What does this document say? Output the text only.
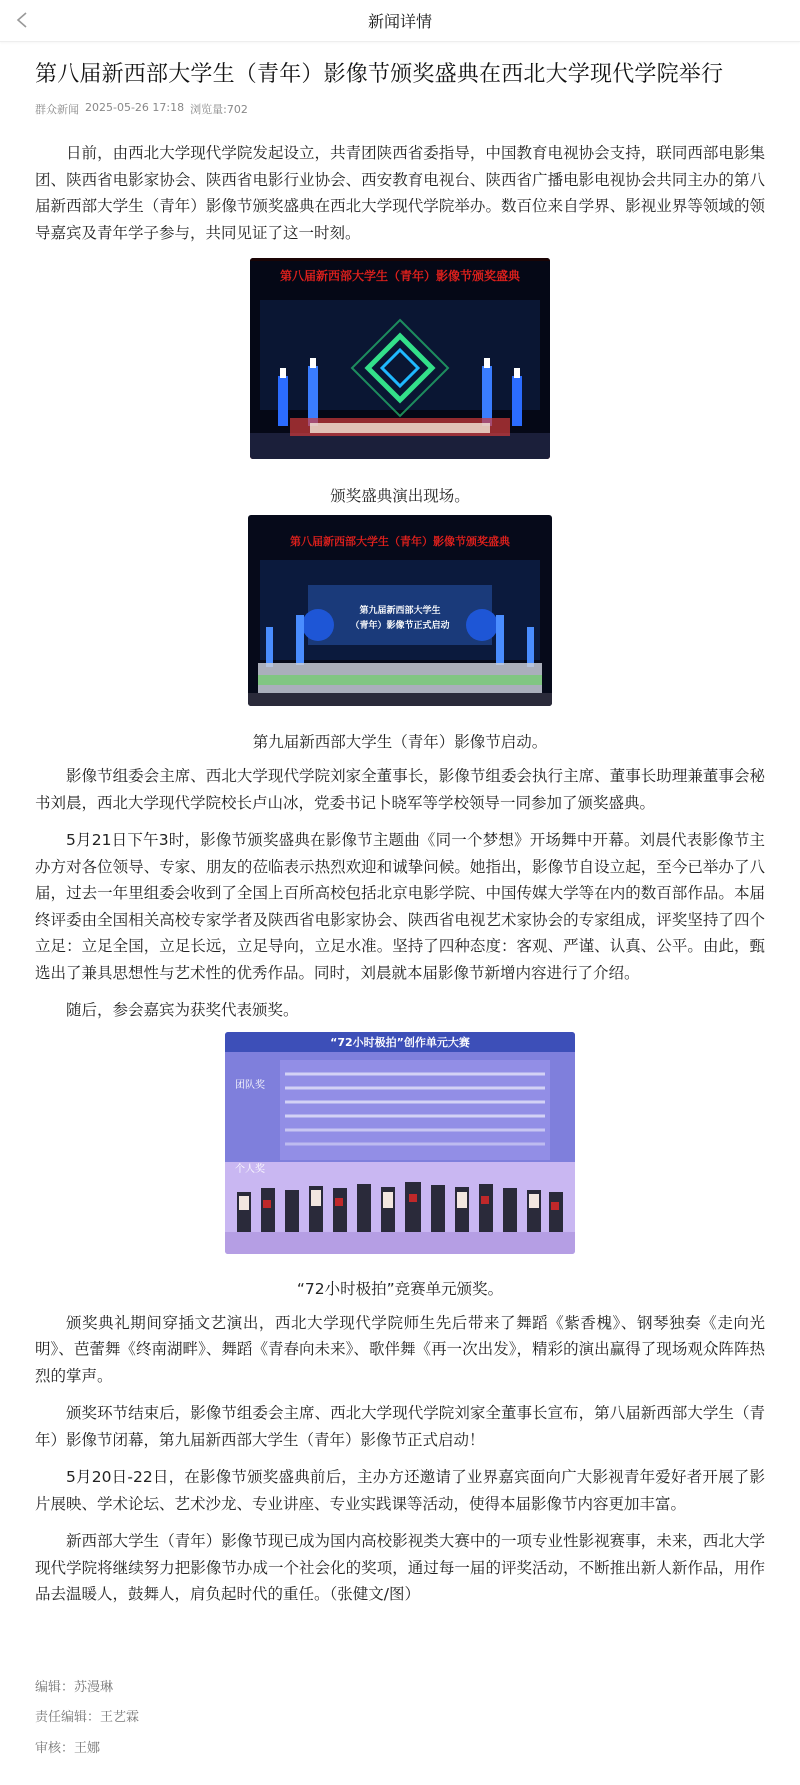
新闻详情
第八届新西部大学生（青年）影像节颁奖盛典在西北大学现代学院举行
群众新闻 2025-05-26 17:18 浏览量:702

日前，由西北大学现代学院发起设立，共青团陕西省委指导，中国教育电视协会支持，联同西部电影集团、陕西省电影家协会、陕西省电影行业协会、西安教育电视台、陕西省广播电影电视协会共同主办的第八届新西部大学生（青年）影像节颁奖盛典在西北大学现代学院举办。数百位来自学界、影视业界等领域的领导嘉宾及青年学子参与，共同见证了这一时刻。

第八届新西部大学生（青年）影像节颁奖盛典
颁奖盛典演出现场。
第九届新西部大学生
（青年）影像节正式启动
第八届新西部大学生（青年）影像节颁奖盛典
第九届新西部大学生（青年）影像节启动。

影像节组委会主席、西北大学现代学院刘家全董事长，影像节组委会执行主席、董事长助理兼董事会秘书刘晨，西北大学现代学院校长卢山冰，党委书记卜晓军等学校领导一同参加了颁奖盛典。

5月21日下午3时，影像节颁奖盛典在影像节主题曲《同一个梦想》开场舞中开幕。刘晨代表影像节主办方对各位领导、专家、朋友的莅临表示热烈欢迎和诚挚问候。她指出，影像节自设立起，至今已举办了八届，过去一年里组委会收到了全国上百所高校包括北京电影学院、中国传媒大学等在内的数百部作品。本届终评委由全国相关高校专家学者及陕西省电影家协会、陕西省电视艺术家协会的专家组成，评奖坚持了四个立足：立足全国，立足长远，立足导向，立足水准。坚持了四种态度：客观、严谨、认真、公平。由此，甄选出了兼具思想性与艺术性的优秀作品。同时，刘晨就本届影像节新增内容进行了介绍。

随后，参会嘉宾为获奖代表颁奖。

“72小时极拍”创作单元大赛
团队奖
个人奖
“72小时极拍”竞赛单元颁奖。

颁奖典礼期间穿插文艺演出，西北大学现代学院师生先后带来了舞蹈《紫香槐》、钢琴独奏《走向光明》、芭蕾舞《终南湖畔》、舞蹈《青春向未来》、歌伴舞《再一次出发》，精彩的演出赢得了现场观众阵阵热烈的掌声。

颁奖环节结束后，影像节组委会主席、西北大学现代学院刘家全董事长宣布，第八届新西部大学生（青年）影像节闭幕，第九届新西部大学生（青年）影像节正式启动！

5月20日-22日，在影像节颁奖盛典前后，主办方还邀请了业界嘉宾面向广大影视青年爱好者开展了影片展映、学术论坛、艺术沙龙、专业讲座、专业实践课等活动，使得本届影像节内容更加丰富。

新西部大学生（青年）影像节现已成为国内高校影视类大赛中的一项专业性影视赛事，未来，西北大学现代学院将继续努力把影像节办成一个社会化的奖项，通过每一届的评奖活动，不断推出新人新作品，用作品去温暖人，鼓舞人，肩负起时代的重任。（张健文/图）

编辑：苏漫琳
责任编辑：王艺霖
审核：王娜
